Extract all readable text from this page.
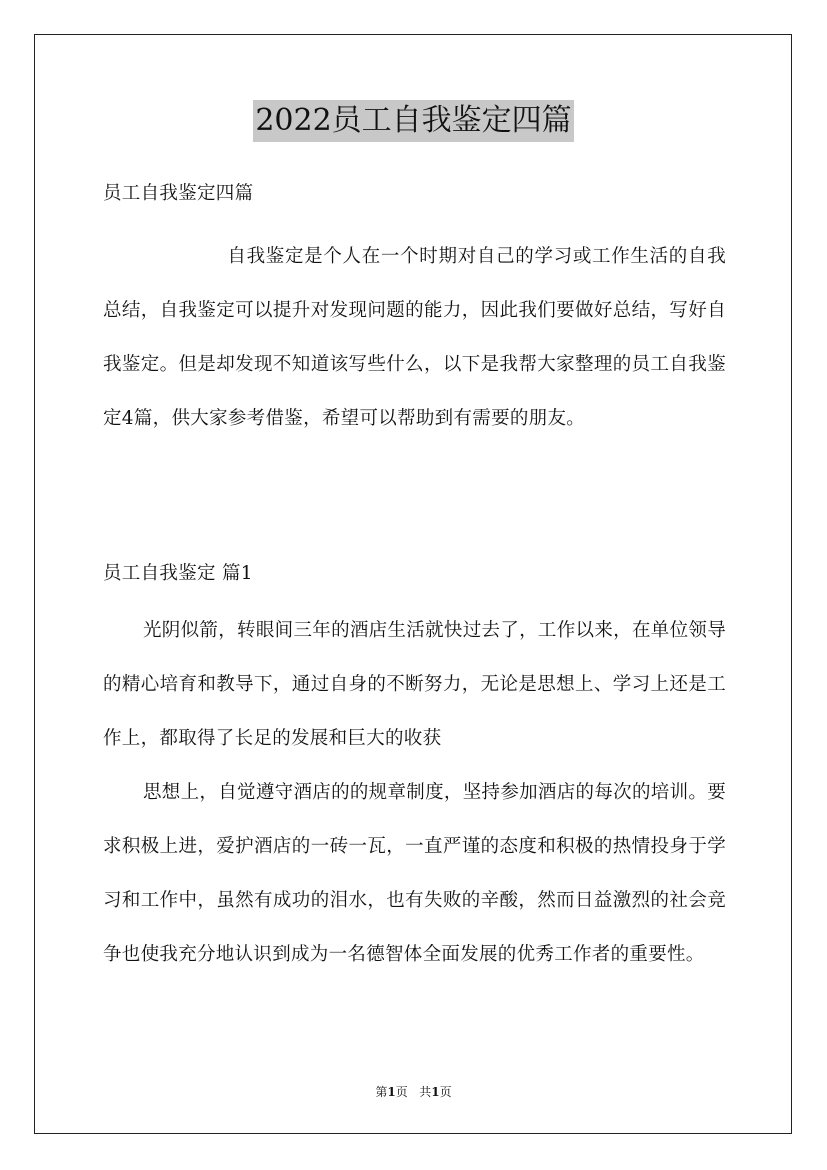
2022员工自我鉴定四篇
员工自我鉴定四篇
自我鉴定是个人在一个时期对自己的学习或工作生活的自我总结，自我鉴定可以提升对发现问题的能力，因此我们要做好总结，写好自我鉴定。但是却发现不知道该写些什么，以下是我帮大家整理的员工自我鉴定4篇，供大家参考借鉴，希望可以帮助到有需要的朋友。
员工自我鉴定 篇1
光阴似箭，转眼间三年的酒店生活就快过去了，工作以来，在单位领导的精心培育和教导下，通过自身的不断努力，无论是思想上、学习上还是工作上，都取得了长足的发展和巨大的收获
思想上，自觉遵守酒店的的规章制度，坚持参加酒店的每次的培训。要求积极上进，爱护酒店的一砖一瓦，一直严谨的态度和积极的热情投身于学习和工作中，虽然有成功的泪水，也有失败的辛酸，然而日益激烈的社会竞争也使我充分地认识到成为一名德智体全面发展的优秀工作者的重要性。
第1页 共1页
